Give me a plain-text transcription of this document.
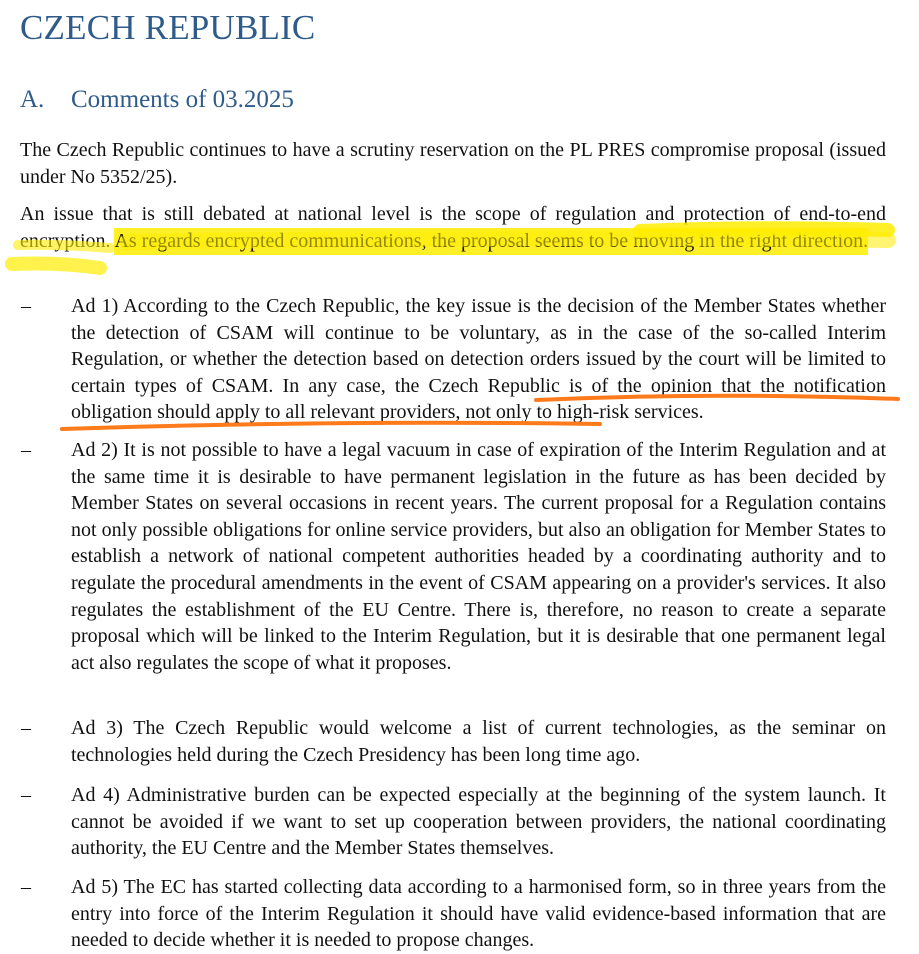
CZECH REPUBLIC
A. Comments of 03.2025
The Czech Republic continues to have a scrutiny reservation on the PL PRES compromise proposal (issued under No 5352/25).
An issue that is still debated at national level is the scope of regulation and protection of end-to-end encryption. As regards encrypted communications, the proposal seems to be moving in the right direction.
– Ad 1) According to the Czech Republic, the key issue is the decision of the Member States whether the detection of CSAM will continue to be voluntary, as in the case of the so-called Interim Regulation, or whether the detection based on detection orders issued by the court will be limited to certain types of CSAM. In any case, the Czech Republic is of the opinion that the notification obligation should apply to all relevant providers, not only to high-risk services.
– Ad 2) It is not possible to have a legal vacuum in case of expiration of the Interim Regulation and at the same time it is desirable to have permanent legislation in the future as has been decided by Member States on several occasions in recent years. The current proposal for a Regulation contains not only possible obligations for online service providers, but also an obligation for Member States to establish a network of national competent authorities headed by a coordinating authority and to regulate the procedural amendments in the event of CSAM appearing on a provider's services. It also regulates the establishment of the EU Centre. There is, therefore, no reason to create a separate proposal which will be linked to the Interim Regulation, but it is desirable that one permanent legal act also regulates the scope of what it proposes.
– Ad 3) The Czech Republic would welcome a list of current technologies, as the seminar on technologies held during the Czech Presidency has been long time ago.
– Ad 4) Administrative burden can be expected especially at the beginning of the system launch. It cannot be avoided if we want to set up cooperation between providers, the national coordinating authority, the EU Centre and the Member States themselves.
– Ad 5) The EC has started collecting data according to a harmonised form, so in three years from the entry into force of the Interim Regulation it should have valid evidence-based information that are needed to decide whether it is needed to propose changes.
